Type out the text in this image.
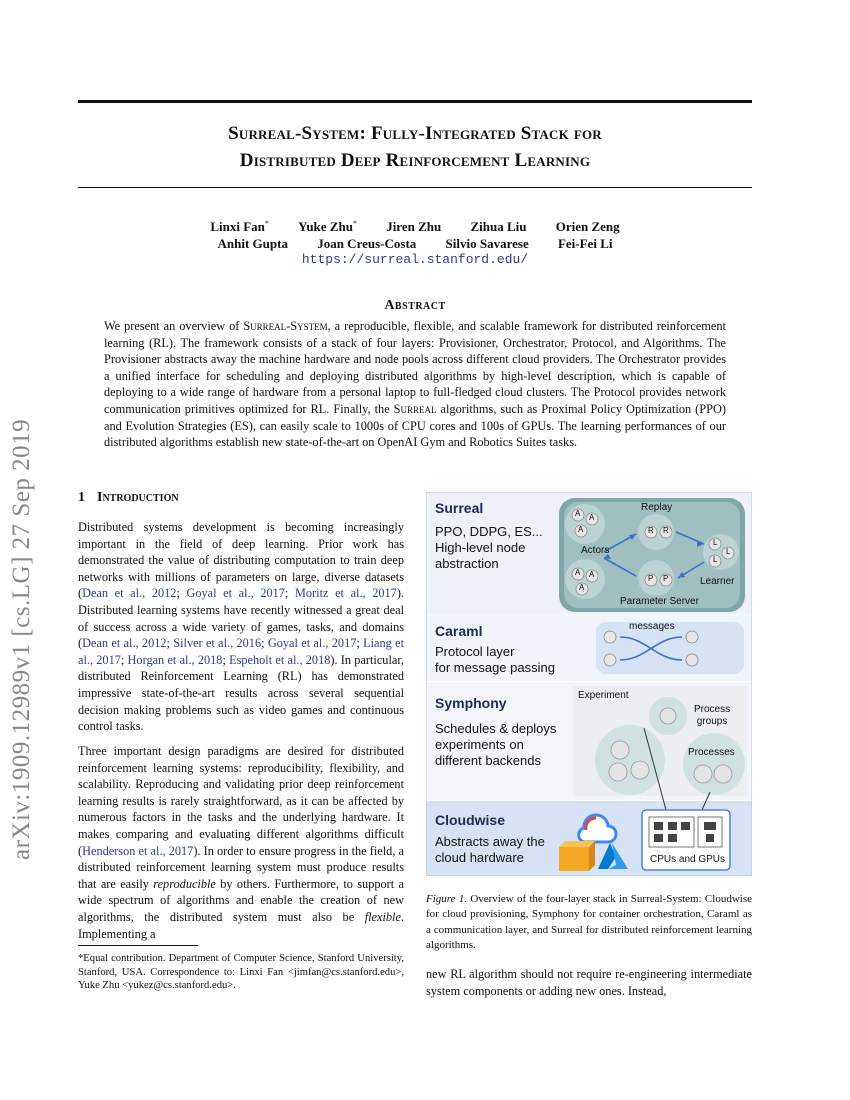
Surreal-System: Fully-Integrated Stack for
Distributed Deep Reinforcement Learning
Linxi Fan* Yuke Zhu* Jiren Zhu Zihua Liu Orien Zeng
Anhit Gupta Joan Creus-Costa Silvio Savarese Fei-Fei Li
https://surreal.stanford.edu/
Abstract
We present an overview of Surreal-System, a reproducible, flexible, and scalable framework for distributed reinforcement learning (RL). The framework consists of a stack of four layers: Provisioner, Orchestrator, Protocol, and Algorithms. The Provisioner abstracts away the machine hardware and node pools across different cloud providers. The Orchestrator provides a unified interface for scheduling and deploying distributed algorithms by high-level description, which is capable of deploying to a wide range of hardware from a personal laptop to full-fledged cloud clusters. The Protocol provides network communication primitives optimized for RL. Finally, the Surreal algorithms, such as Proximal Policy Optimization (PPO) and Evolution Strategies (ES), can easily scale to 1000s of CPU cores and 100s of GPUs. The learning performances of our distributed algorithms establish new state-of-the-art on OpenAI Gym and Robotics Suites tasks.
arXiv:1909.12989v1 [cs.LG] 27 Sep 2019	1 Introduction

Distributed systems development is becoming increasingly important in the field of deep learning. Prior work has demonstrated the value of distributing computation to train deep networks with millions of parameters on large, diverse datasets (Dean et al., 2012; Goyal et al., 2017; Moritz et al., 2017). Distributed learning systems have recently witnessed a great deal of success across a wide variety of games, tasks, and domains (Dean et al., 2012; Silver et al., 2016; Goyal et al., 2017; Liang et al., 2017; Horgan et al., 2018; Espeholt et al., 2018). In particular, distributed Reinforcement Learning (RL) has demonstrated impressive state-of-the-art results across several sequential decision making problems such as video games and continuous control tasks.

Three important design paradigms are desired for distributed reinforcement learning systems: reproducibility, flexibility, and scalability. Reproducing and validating prior deep reinforcement learning results is rarely straightforward, as it can be affected by numerous factors in the tasks and the underlying hardware. It makes comparing and evaluating different algorithms difficult (Henderson et al., 2017). In order to ensure progress in the field, a distributed reinforcement learning system must produce results that are easily reproducible by others. Furthermore, to support a wide spectrum of algorithms and enable the creation of new algorithms, the distributed system must also be flexible. Implementing a

*Equal contribution. Department of Computer Science, Stanford University, Stanford, USA. Correspondence to: Linxi Fan <jimfan@cs.stanford.edu>, Yuke Zhu <yukez@cs.stanford.edu>.
Surreal
PPO, DDPG, ES...
High-level node
abstraction
Replay
Actors
Learner
Parameter Server
A A
A
A A
A
R R
L
L
L
P P
Caraml
Protocol layer
for message passing
messages
Symphony
Schedules & deploys
experiments on
different backends
Experiment
Process
groups
Processes
Cloudwise
Abstracts away the
cloud hardware	CPUs and GPUs
Figure 1. Overview of the four-layer stack in Surreal-System: Cloudwise for cloud provisioning, Symphony for container orchestration, Caraml as a communication layer, and Surreal for distributed reinforcement learning algorithms.
new RL algorithm should not require re-engineering intermediate system components or adding new ones. Instead,
